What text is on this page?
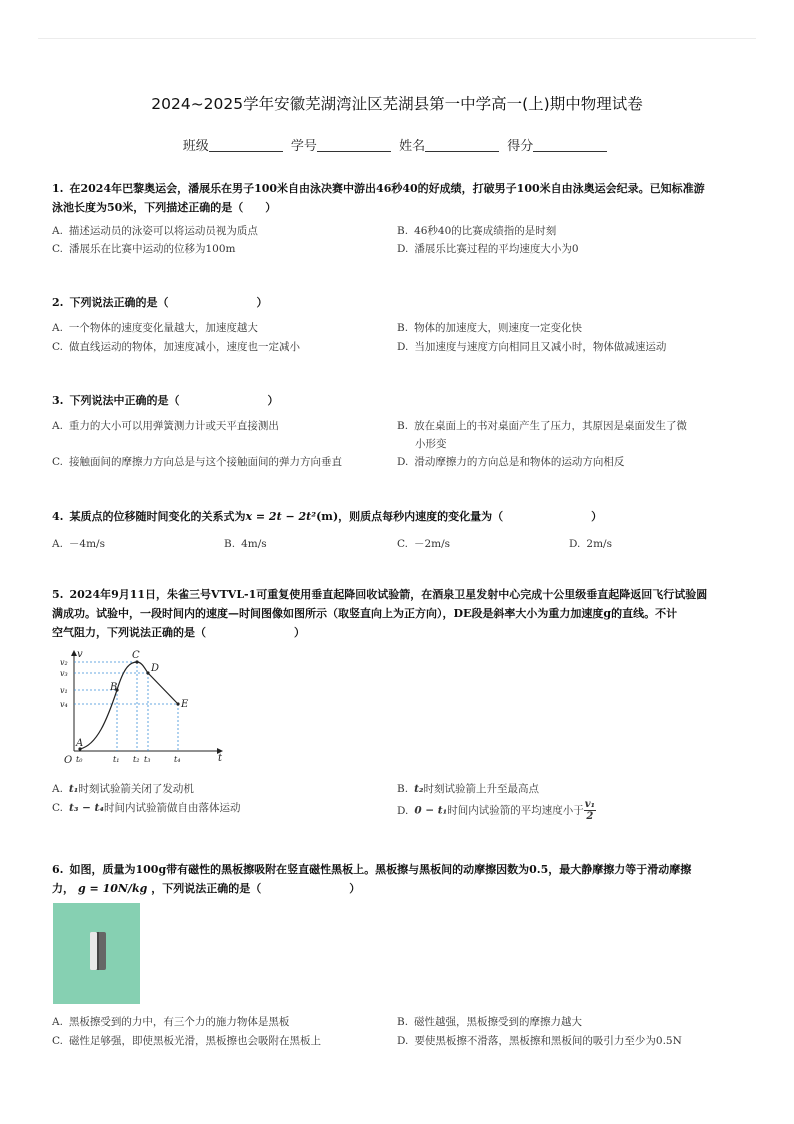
2024~2025学年安徽芜湖湾沚区芜湖县第一中学高一(上)期中物理试卷
班级	学号	姓名	得分
1. 在2024年巴黎奥运会，潘展乐在男子100米自由泳决赛中游出46秒40的好成绩，打破男子100米自由泳奥运会纪录。已知标准游
泳池长度为50米，下列描述正确的是（　　）
A. 描述运动员的泳姿可以将运动员视为质点	B. 46秒40的比赛成绩指的是时刻
C. 潘展乐在比赛中运动的位移为100m	D. 潘展乐比赛过程的平均速度大小为0
2. 下列说法正确的是（　　　　　　　　）
A. 一个物体的速度变化量越大，加速度越大	B. 物体的加速度大，则速度一定变化快
C. 做直线运动的物体，加速度减小，速度也一定减小	D. 当加速度与速度方向相同且又减小时，物体做减速运动
3. 下列说法中正确的是（　　　　　　　　）
A. 重力的大小可以用弹簧测力计或天平直接测出	B. 放在桌面上的书对桌面产生了压力，其原因是桌面发生了微
小形变
C. 接触面间的摩擦力方向总是与这个接触面间的弹力方向垂直	D. 滑动摩擦力的方向总是和物体的运动方向相反
4. 某质点的位移随时间变化的关系式为x = 2t − 2t²(m)，则质点每秒内速度的变化量为（　　　　　　　　）
A. －4m/s	B. 4m/s	C. －2m/s	D. 2m/s
5. 2024年9月11日，朱雀三号VTVL-1可重复使用垂直起降回收试验箭，在酒泉卫星发射中心完成十公里级垂直起降返回飞行试验圆
满成功。试验中，一段时间内的速度—时间图像如图所示（取竖直向上为正方向），DE段是斜率大小为重力加速度g的直线。不计
空气阻力，下列说法正确的是（　　　　　　　　）
O
v
t
A
B
C
D
E
v₂
v₃
v₁
v₄
t₀	t₁ t₂ t₃	t₄
A. t₁时刻试验箭关闭了发动机	B. t₂时刻试验箭上升至最高点
C. t₃ − t₄时间内试验箭做自由落体运动	D. 0 − t₁时间内试验箭的平均速度小于 $\frac{\text{v₁}}{2}$
6. 如图，质量为100g带有磁性的黑板擦吸附在竖直磁性黑板上。黑板擦与黑板间的动摩擦因数为0.5，最大静摩擦力等于滑动摩擦
力， g = 10N/kg ，下列说法正确的是（　　　　　　　　）
A. 黑板擦受到的力中，有三个力的施力物体是黑板	B. 磁性越强，黑板擦受到的摩擦力越大
C. 磁性足够强，即使黑板光滑，黑板擦也会吸附在黑板上	D. 要使黑板擦不滑落，黑板擦和黑板间的吸引力至少为0.5N
